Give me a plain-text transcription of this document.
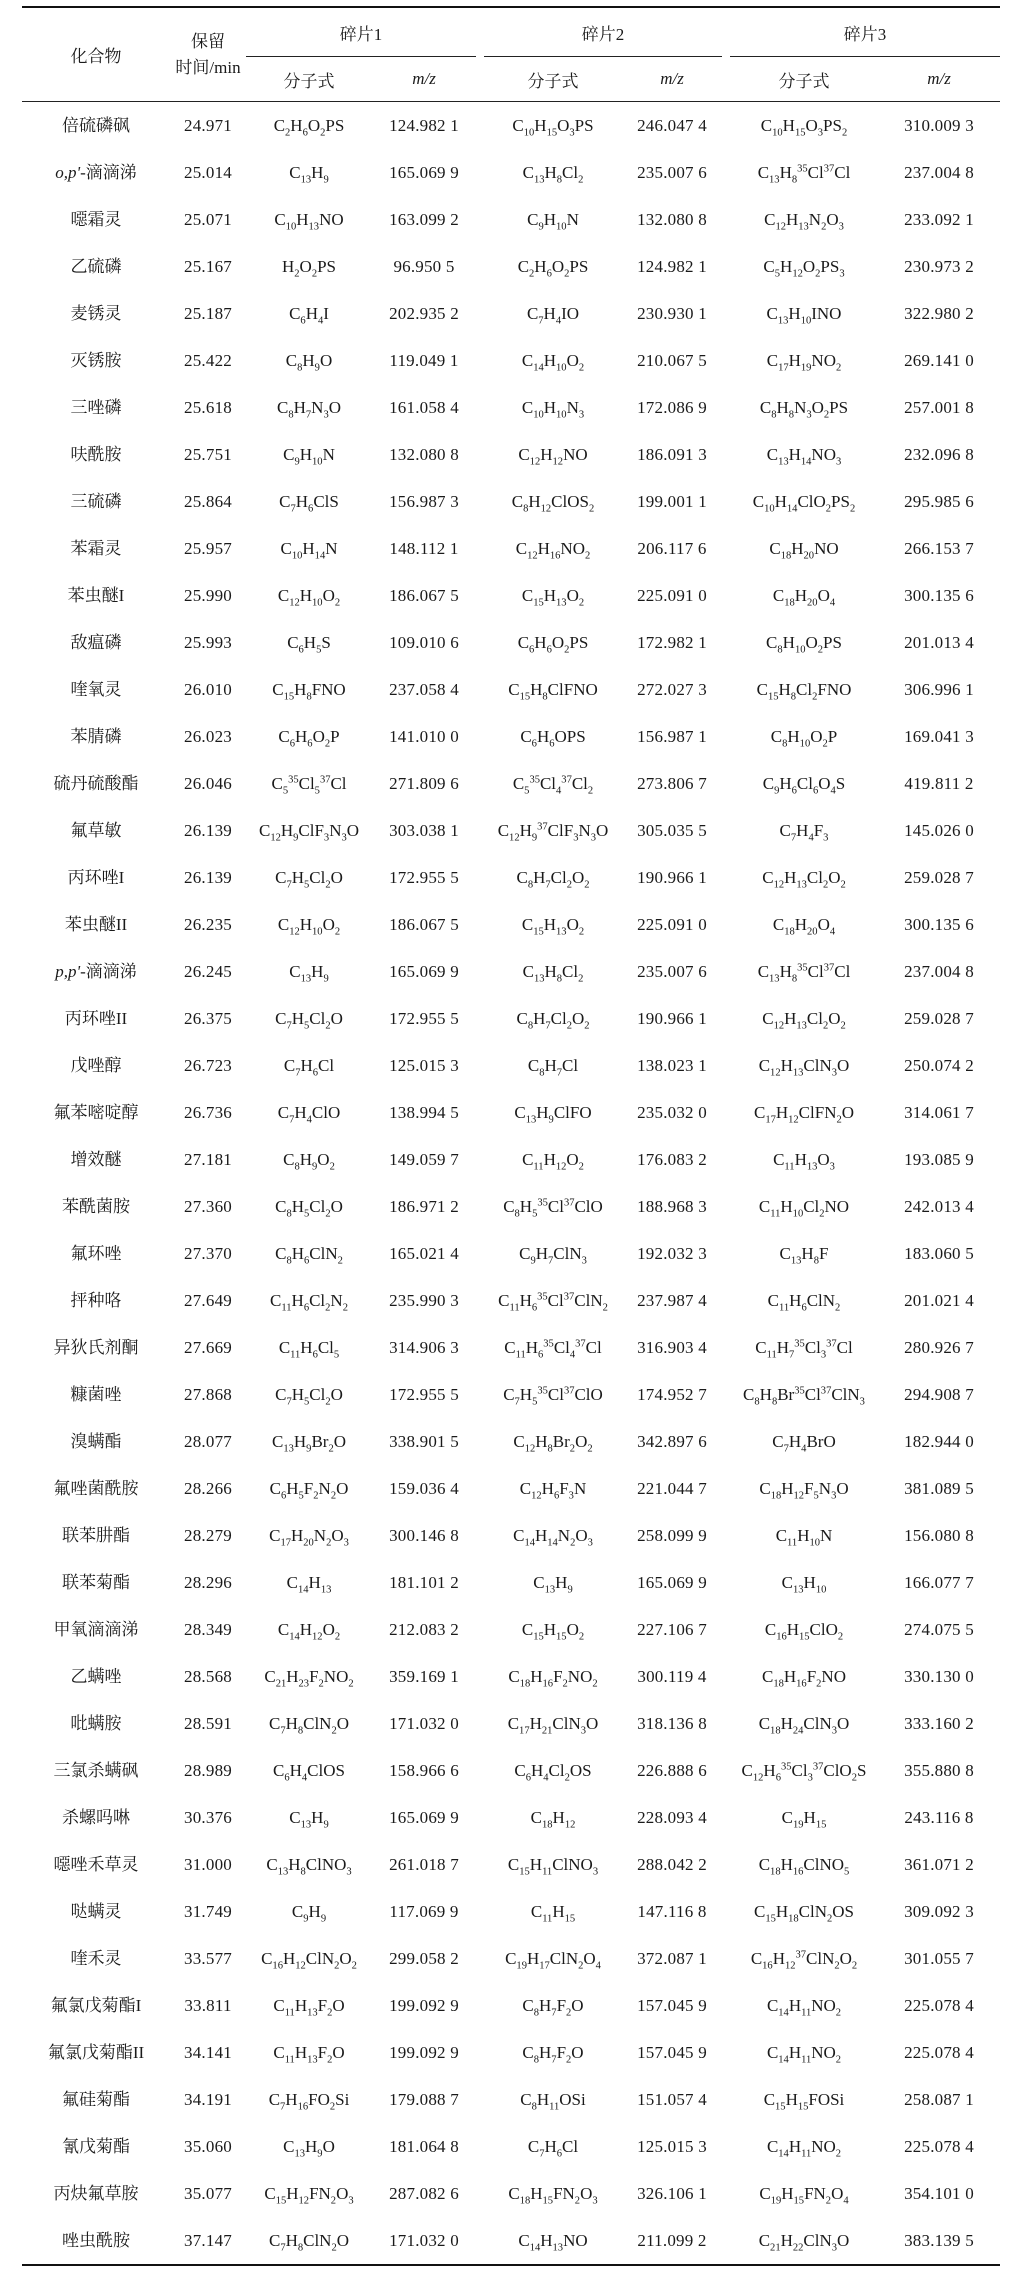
化合物	保留
时间/min	碎片1			碎片2			碎片3	
		分子式	m/z		分子式	m/z		分子式	m/z
倍硫磷砜	24.971	$C_2H_6O_2PS$	124.982 1		$C_{10}H_{15}O_3PS$	246.047 4		$C_{10}H_{15}O_3PS_2$	310.009 3
o,p'-滴滴涕	25.014	$C_{13}H_9$	165.069 9		$C_{13}H_8Cl_2$	235.007 6		$C_{13}H_8^{35}Cl^{37}Cl$	237.004 8
噁霜灵	25.071	$C_{10}H_{13}NO$	163.099 2		$C_9H_{10}N$	132.080 8		$C_{12}H_{13}N_2O_3$	233.092 1
乙硫磷	25.167	$H_2O_2PS$	96.950 5		$C_2H_6O_2PS$	124.982 1		$C_5H_{12}O_2PS_3$	230.973 2
麦锈灵	25.187	$C_6H_4I$	202.935 2		$C_7H_4IO$	230.930 1		$C_{13}H_{10}INO$	322.980 2
灭锈胺	25.422	$C_8H_9O$	119.049 1		$C_{14}H_{10}O_2$	210.067 5		$C_{17}H_{19}NO_2$	269.141 0
三唑磷	25.618	$C_8H_7N_3O$	161.058 4		$C_{10}H_{10}N_3$	172.086 9		$C_8H_8N_3O_2PS$	257.001 8
呋酰胺	25.751	$C_9H_{10}N$	132.080 8		$C_{12}H_{12}NO$	186.091 3		$C_{13}H_{14}NO_3$	232.096 8
三硫磷	25.864	$C_7H_6ClS$	156.987 3		$C_8H_{12}ClOS_2$	199.001 1		$C_{10}H_{14}ClO_2PS_2$	295.985 6
苯霜灵	25.957	$C_{10}H_{14}N$	148.112 1		$C_{12}H_{16}NO_2$	206.117 6		$C_{18}H_{20}NO$	266.153 7
苯虫醚I	25.990	$C_{12}H_{10}O_2$	186.067 5		$C_{15}H_{13}O_2$	225.091 0		$C_{18}H_{20}O_4$	300.135 6
敌瘟磷	25.993	$C_6H_5S$	109.010 6		$C_6H_6O_2PS$	172.982 1		$C_8H_{10}O_2PS$	201.013 4
喹氧灵	26.010	$C_{15}H_8FNO$	237.058 4		$C_{15}H_8ClFNO$	272.027 3		$C_{15}H_8Cl_2FNO$	306.996 1
苯腈磷	26.023	$C_6H_6O_2P$	141.010 0		$C_6H_6OPS$	156.987 1		$C_8H_{10}O_2P$	169.041 3
硫丹硫酸酯	26.046	$C_5^{35}Cl_5^{37}Cl$	271.809 6		$C_5^{35}Cl_4^{37}Cl_2$	273.806 7		$C_9H_6Cl_6O_4S$	419.811 2
氟草敏	26.139	$C_{12}H_9ClF_3N_3O$	303.038 1		$C_{12}H_9^{37}ClF_3N_3O$	305.035 5		$C_7H_4F_3$	145.026 0
丙环唑I	26.139	$C_7H_5Cl_2O$	172.955 5		$C_8H_7Cl_2O_2$	190.966 1		$C_{12}H_{13}Cl_2O_2$	259.028 7
苯虫醚II	26.235	$C_{12}H_{10}O_2$	186.067 5		$C_{15}H_{13}O_2$	225.091 0		$C_{18}H_{20}O_4$	300.135 6
p,p'-滴滴涕	26.245	$C_{13}H_9$	165.069 9		$C_{13}H_8Cl_2$	235.007 6		$C_{13}H_8^{35}Cl^{37}Cl$	237.004 8
丙环唑II	26.375	$C_7H_5Cl_2O$	172.955 5		$C_8H_7Cl_2O_2$	190.966 1		$C_{12}H_{13}Cl_2O_2$	259.028 7
戊唑醇	26.723	$C_7H_6Cl$	125.015 3		$C_8H_7Cl$	138.023 1		$C_{12}H_{13}ClN_3O$	250.074 2
氟苯嘧啶醇	26.736	$C_7H_4ClO$	138.994 5		$C_{13}H_9ClFO$	235.032 0		$C_{17}H_{12}ClFN_2O$	314.061 7
增效醚	27.181	$C_8H_9O_2$	149.059 7		$C_{11}H_{12}O_2$	176.083 2		$C_{11}H_{13}O_3$	193.085 9
苯酰菌胺	27.360	$C_8H_5Cl_2O$	186.971 2		$C_8H_5^{35}Cl^{37}ClO$	188.968 3		$C_{11}H_{10}Cl_2NO$	242.013 4
氟环唑	27.370	$C_8H_6ClN_2$	165.021 4		$C_9H_7ClN_3$	192.032 3		$C_{13}H_8F$	183.060 5
抨种咯	27.649	$C_{11}H_6Cl_2N_2$	235.990 3		$C_{11}H_6^{35}Cl^{37}ClN_2$	237.987 4		$C_{11}H_6ClN_2$	201.021 4
异狄氏剂酮	27.669	$C_{11}H_6Cl_5$	314.906 3		$C_{11}H_6^{35}Cl_4^{37}Cl$	316.903 4		$C_{11}H_7^{35}Cl_3^{37}Cl$	280.926 7
糠菌唑	27.868	$C_7H_5Cl_2O$	172.955 5		$C_7H_5^{35}Cl^{37}ClO$	174.952 7		$C_8H_8Br^{35}Cl^{37}ClN_3$	294.908 7
溴螨酯	28.077	$C_{13}H_9Br_2O$	338.901 5		$C_{12}H_8Br_2O_2$	342.897 6		$C_7H_4BrO$	182.944 0
氟唑菌酰胺	28.266	$C_6H_5F_2N_2O$	159.036 4		$C_{12}H_6F_3N$	221.044 7		$C_{18}H_{12}F_5N_3O$	381.089 5
联苯肼酯	28.279	$C_{17}H_{20}N_2O_3$	300.146 8		$C_{14}H_{14}N_2O_3$	258.099 9		$C_{11}H_{10}N$	156.080 8
联苯菊酯	28.296	$C_{14}H_{13}$	181.101 2		$C_{13}H_9$	165.069 9		$C_{13}H_{10}$	166.077 7
甲氧滴滴涕	28.349	$C_{14}H_{12}O_2$	212.083 2		$C_{15}H_{15}O_2$	227.106 7		$C_{16}H_{15}ClO_2$	274.075 5
乙螨唑	28.568	$C_{21}H_{23}F_2NO_2$	359.169 1		$C_{18}H_{16}F_2NO_2$	300.119 4		$C_{18}H_{16}F_2NO$	330.130 0
吡螨胺	28.591	$C_7H_8ClN_2O$	171.032 0		$C_{17}H_{21}ClN_3O$	318.136 8		$C_{18}H_{24}ClN_3O$	333.160 2
三氯杀螨砜	28.989	$C_6H_4ClOS$	158.966 6		$C_6H_4Cl_2OS$	226.888 6		$C_{12}H_6^{35}Cl_3^{37}ClO_2S$	355.880 8
杀螺吗啉	30.376	$C_{13}H_9$	165.069 9		$C_{18}H_{12}$	228.093 4		$C_{19}H_{15}$	243.116 8
噁唑禾草灵	31.000	$C_{13}H_8ClNO_3$	261.018 7		$C_{15}H_{11}ClNO_3$	288.042 2		$C_{18}H_{16}ClNO_5$	361.071 2
哒螨灵	31.749	$C_9H_9$	117.069 9		$C_{11}H_{15}$	147.116 8		$C_{15}H_{18}ClN_2OS$	309.092 3
喹禾灵	33.577	$C_{16}H_{12}ClN_2O_2$	299.058 2		$C_{19}H_{17}ClN_2O_4$	372.087 1		$C_{16}H_{12}^{37}ClN_2O_2$	301.055 7
氟氯戊菊酯I	33.811	$C_{11}H_{13}F_2O$	199.092 9		$C_8H_7F_2O$	157.045 9		$C_{14}H_{11}NO_2$	225.078 4
氟氯戊菊酯II	34.141	$C_{11}H_{13}F_2O$	199.092 9		$C_8H_7F_2O$	157.045 9		$C_{14}H_{11}NO_2$	225.078 4
氟硅菊酯	34.191	$C_7H_{16}FO_2Si$	179.088 7		$C_8H_{11}OSi$	151.057 4		$C_{15}H_{15}FOSi$	258.087 1
氰戊菊酯	35.060	$C_{13}H_9O$	181.064 8		$C_7H_6Cl$	125.015 3		$C_{14}H_{11}NO_2$	225.078 4
丙炔氟草胺	35.077	$C_{15}H_{12}FN_2O_3$	287.082 6		$C_{18}H_{15}FN_2O_3$	326.106 1		$C_{19}H_{15}FN_2O_4$	354.101 0
唑虫酰胺	37.147	$C_7H_8ClN_2O$	171.032 0		$C_{14}H_{13}NO$	211.099 2		$C_{21}H_{22}ClN_3O$	383.139 5
